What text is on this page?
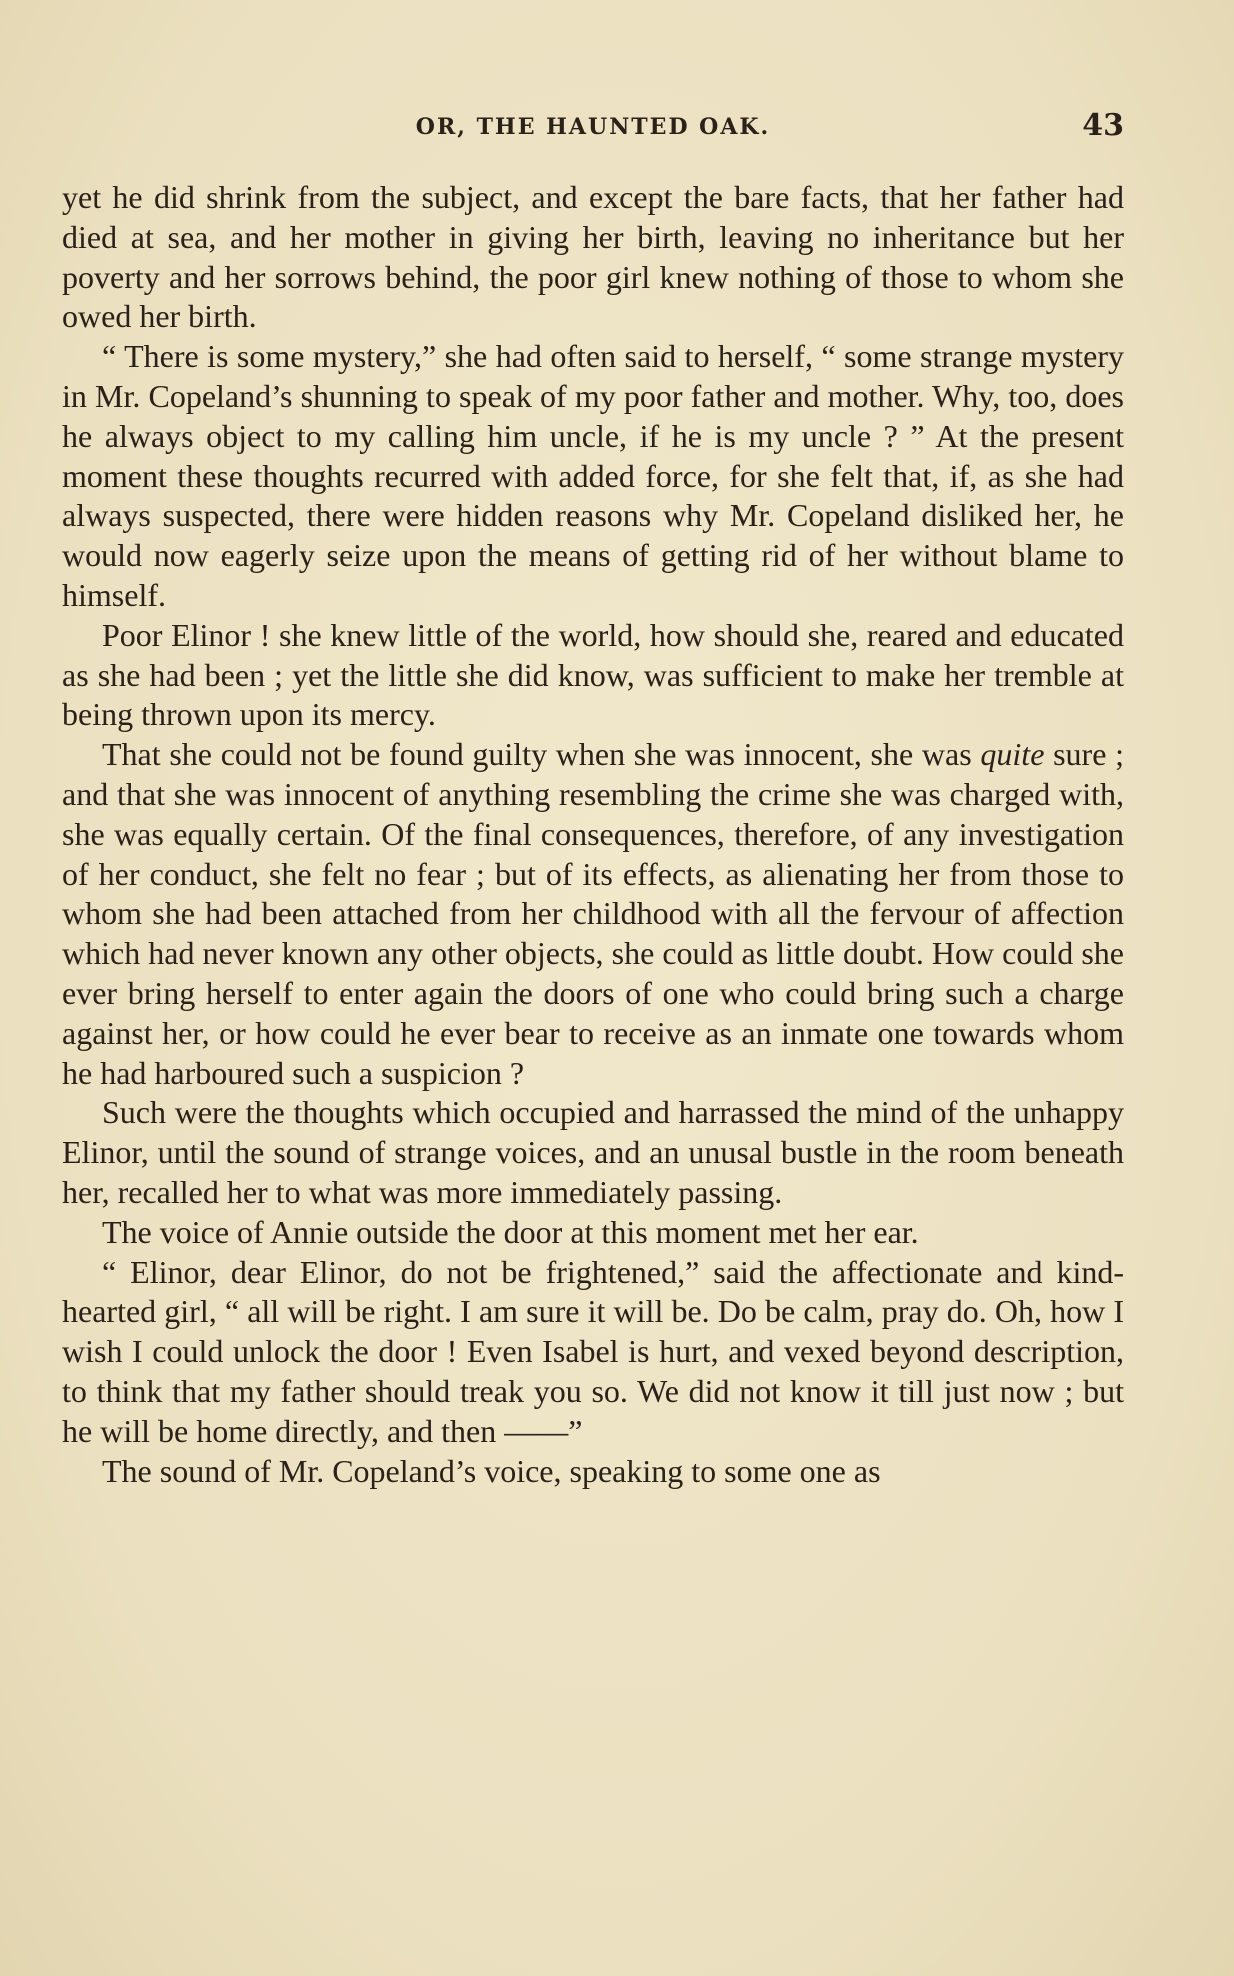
OR, THE HAUNTED OAK.	43

yet he did shrink from the subject, and except the bare facts, that her father had died at sea, and her mother in giving her birth, leaving no inheritance but her poverty and her sorrows behind, the poor girl knew nothing of those to whom she owed her birth.

“ There is some mystery,” she had often said to herself, “ some strange mystery in Mr. Copeland’s shunning to speak of my poor father and mother. Why, too, does he always object to my calling him uncle, if he is my uncle ? ” At the present moment these thoughts recurred with added force, for she felt that, if, as she had always suspected, there were hidden reasons why Mr. Copeland disliked her, he would now eagerly seize upon the means of getting rid of her without blame to himself.

Poor Elinor ! she knew little of the world, how should she, reared and educated as she had been ; yet the little she did know, was sufficient to make her tremble at being thrown upon its mercy.

That she could not be found guilty when she was innocent, she was quite sure ; and that she was innocent of anything resembling the crime she was charged with, she was equally certain. Of the final consequences, therefore, of any investigation of her conduct, she felt no fear ; but of its effects, as alienating her from those to whom she had been attached from her childhood with all the fervour of affection which had never known any other objects, she could as little doubt. How could she ever bring herself to enter again the doors of one who could bring such a charge against her, or how could he ever bear to receive as an inmate one towards whom he had harboured such a suspicion ?

Such were the thoughts which occupied and harrassed the mind of the unhappy Elinor, until the sound of strange voices, and an unusal bustle in the room beneath her, recalled her to what was more immediately passing.

The voice of Annie outside the door at this moment met her ear.

“ Elinor, dear Elinor, do not be frightened,” said the affectionate and kind-hearted girl, “ all will be right. I am sure it will be. Do be calm, pray do. Oh, how I wish I could unlock the door ! Even Isabel is hurt, and vexed beyond description, to think that my father should treak you so. We did not know it till just now ; but he will be home directly, and then ——”

The sound of Mr. Copeland’s voice, speaking to some one as
